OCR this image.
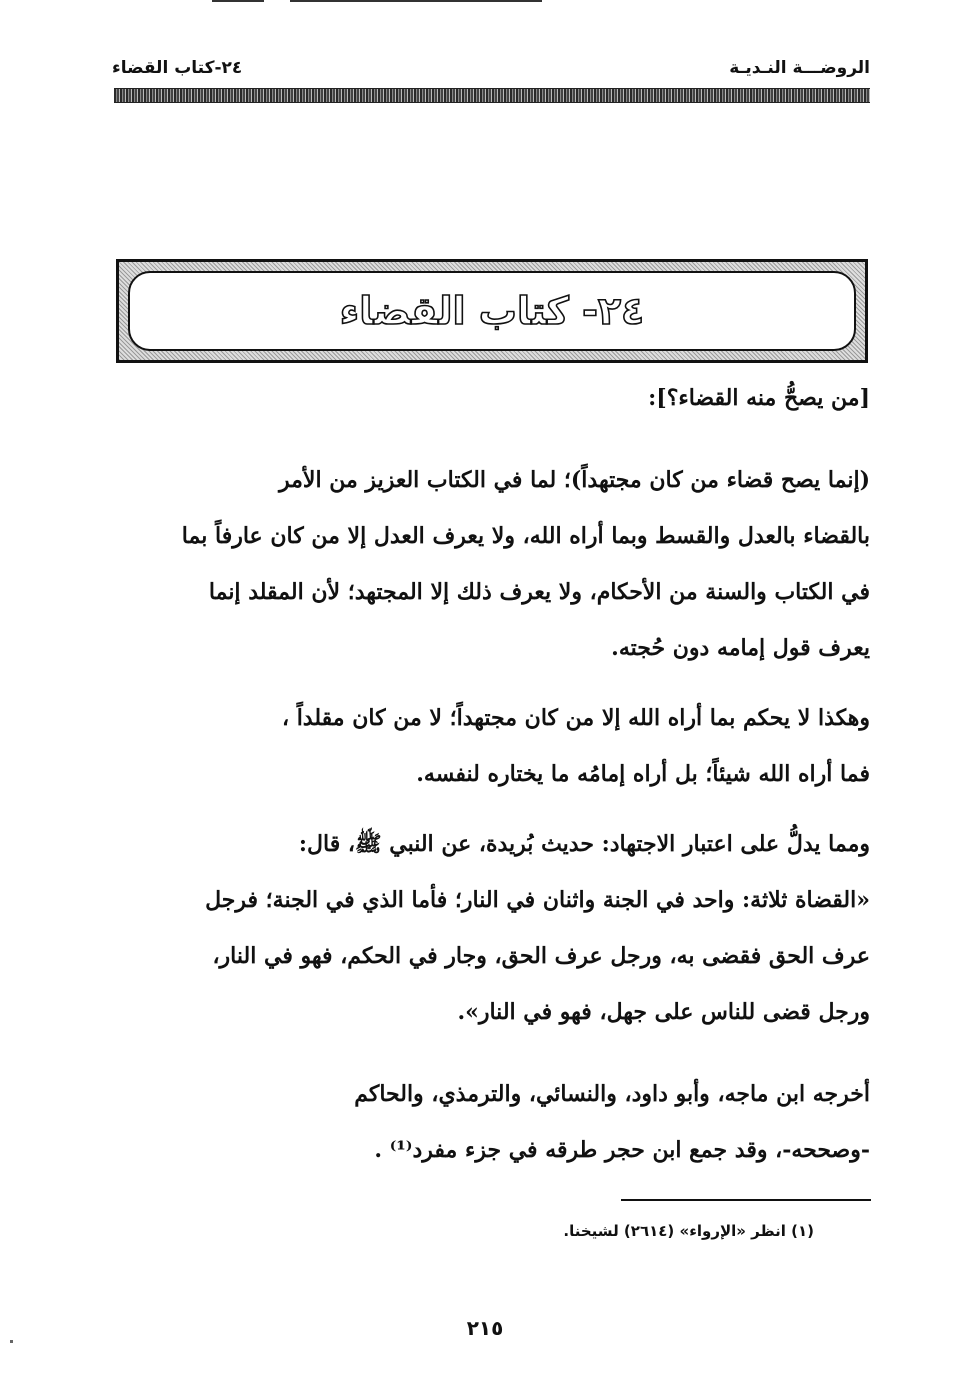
الروضـــة النـديـة
٢٤-كتاب القضاء
٢٤- كتاب القضاء
[من يصحُّ منه القضاء؟]:
(إنما يصح قضاء من كان مجتهداً)؛ لما في الكتاب العزيز من الأمر
بالقضاء بالعدل والقسط وبما أراه الله، ولا يعرف العدل إلا من كان عارفاً بما
في الكتاب والسنة من الأحكام، ولا يعرف ذلك إلا المجتهد؛ لأن المقلد إنما
يعرف قول إمامه دون حُجته.
وهكذا لا يحكم بما أراه الله إلا من كان مجتهداً؛ لا من كان مقلداً ،
فما أراه الله شيئاً؛ بل أراه إمامُه ما يختاره لنفسه.
ومما يدلُّ على اعتبار الاجتهاد: حديث بُريدة، عن النبي ﷺ، قال:
«القضاة ثلاثة: واحد في الجنة واثنان في النار؛ فأما الذي في الجنة؛ فرجل
عرف الحق فقضى به، ورجل عرف الحق، وجار في الحكم، فهو في النار،
ورجل قضى للناس على جهل، فهو في النار».
أخرجه ابن ماجه، وأبو داود، والنسائي، والترمذي، والحاكم
-وصححه-، وقد جمع ابن حجر طرقه في جزء مفرد⁽¹⁾ .
(١) انظر «الإرواء» (٢٦١٤) لشيخنا.
٢١٥
